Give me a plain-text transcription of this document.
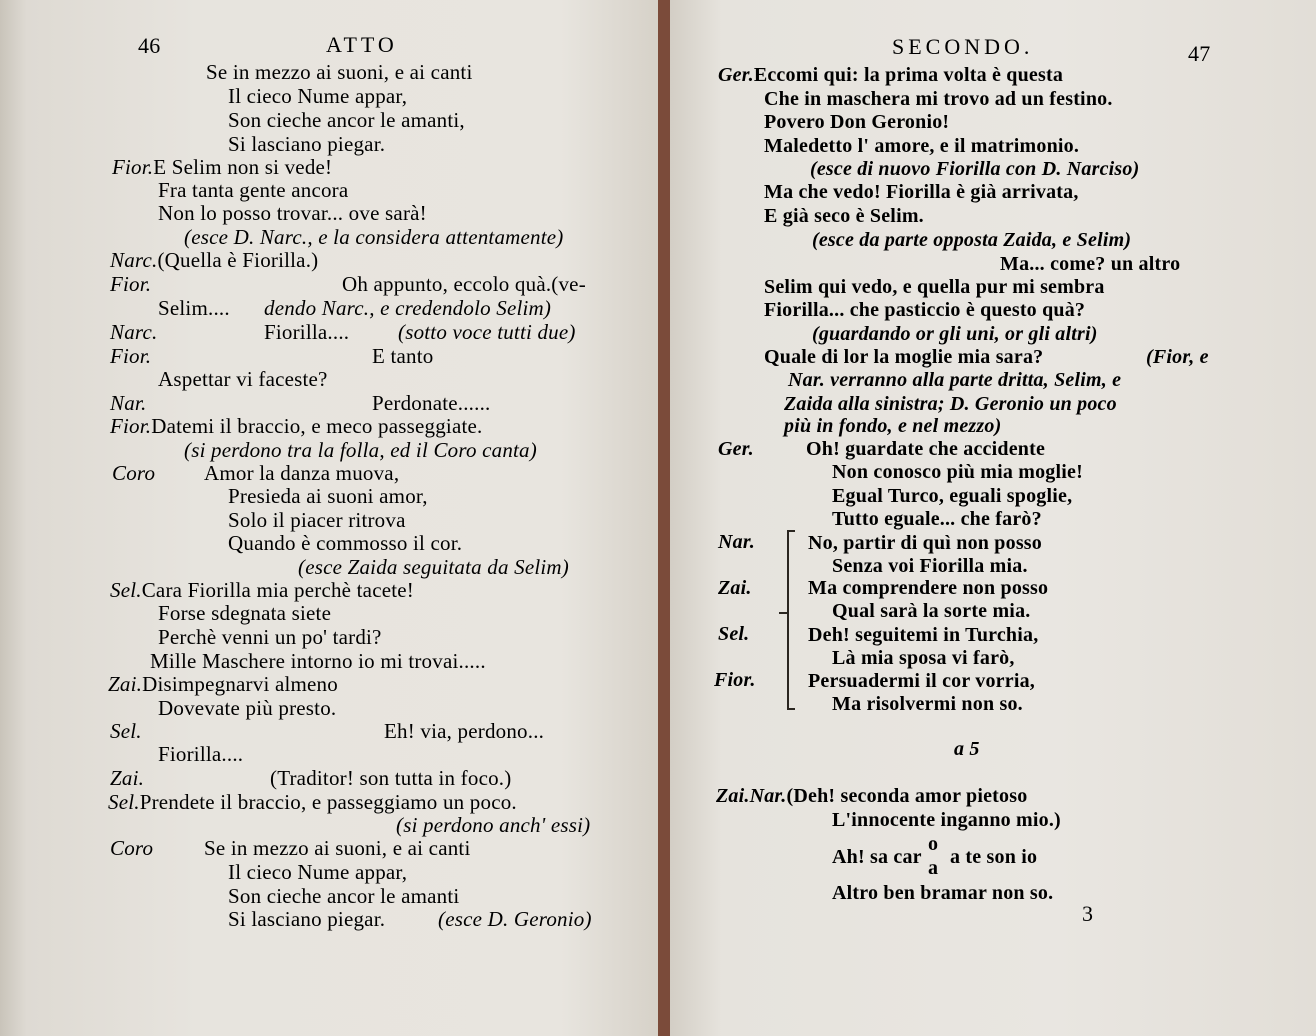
ATTO
46	SECONDO.	47
3
Se in mezzo ai suoni, e ai canti
Il cieco Nume appar,
Son cieche ancor le amanti,
Si lasciano piegar.
Fior.E Selim non si vede!
Fra tanta gente ancora
Non lo posso trovar... ove sarà!
(esce D. Narc., e la considera attentamente)
Narc.(Quella è Fiorilla.)
Fior.	Oh appunto, eccolo quà.(ve-
Selim.... dendo Narc., e credendolo Selim)
Narc.	Fiorilla.... (sotto voce tutti due)
Fior.	E tanto
Aspettar vi faceste?
Nar.	Perdonate......
Fior.Datemi il braccio, e meco passeggiate.
(si perdono tra la folla, ed il Coro canta)
Coro Amor la danza muova,
Presieda ai suoni amor,
Solo il piacer ritrova
Quando è commosso il cor.
(esce Zaida seguitata da Selim)
Sel.Cara Fiorilla mia perchè tacete!
Forse sdegnata siete
Perchè venni un po' tardi?
Mille Maschere intorno io mi trovai.....
Zai.Disimpegnarvi almeno
Dovevate più presto.
Sel.	Eh! via, perdono...
Fiorilla....
Zai.	(Traditor! son tutta in foco.)
Sel.Prendete il braccio, e passeggiamo un poco.
(si perdono anch' essi)
Coro Se in mezzo ai suoni, e ai canti
Il cieco Nume appar,
Son cieche ancor le amanti
Si lasciano piegar.	(esce D. Geronio)
Ger.Eccomi qui: la prima volta è questa
Che in maschera mi trovo ad un festino.
Povero Don Geronio!
Maledetto l' amore, e il matrimonio.
(esce di nuovo Fiorilla con D. Narciso)
Ma che vedo! Fiorilla è già arrivata,
E già seco è Selim.
(esce da parte opposta Zaida, e Selim)
Ma... come? un altro
Selim qui vedo, e quella pur mi sembra
Fiorilla... che pasticcio è questo quà?
(guardando or gli uni, or gli altri)
Quale di lor la moglie mia sara?	(Fior, e
Nar. verranno alla parte dritta, Selim, e
Zaida alla sinistra; D. Geronio un poco
più in fondo, e nel mezzo)
Ger.	Oh! guardate che accidente
Non conosco più mia moglie!
Egual Turco, eguali spoglie,
Tutto eguale... che farò?
Nar.	No, partir di quì non posso
Senza voi Fiorilla mia.
Zai.	Ma comprendere non posso
Qual sarà la sorte mia.
Sel.	Deh! seguitemi in Turchia,
Là mia sposa vi farò,
Fior.	Persuadermi il cor vorria,
Ma risolvermi non so.
a 5
Zai.Nar.(Deh! seconda amor pietoso
L'innocente inganno mio.)
Ah! sa car
o
a a te son io
Altro ben bramar non so.
